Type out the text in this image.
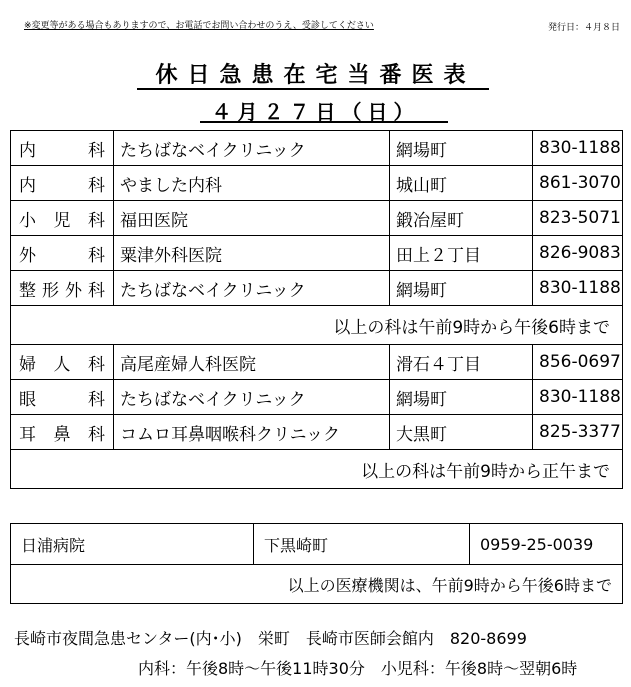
※変更等がある場合もありますので、お電話でお問い合わせのうえ、受診してください	発行日：４月８日
休日急患在宅当番医表
４月２７日（日）
内科	たちばなベイクリニック	網場町	830-1188
内科	やました内科	城山町	861-3070
小児科	福田医院	鍛冶屋町	823-5071
外科	粟津外科医院	田上２丁目	826-9083
整形外科	たちばなベイクリニック	網場町	830-1188
以上の科は午前9時から午後6時まで			
婦人科	高尾産婦人科医院	滑石４丁目	856-0697
眼科	たちばなベイクリニック	網場町	830-1188
耳鼻科	コムロ耳鼻咽喉科クリニック	大黒町	825-3377
以上の科は午前9時から正午まで			
日浦病院	下黒崎町	0959-25-0039
以上の医療機関は、午前9時から午後6時まで
長崎市夜間急患センター(内･小)　栄町　長崎市医師会館内　820-8699
内科：午後8時～午後11時30分　小児科：午後8時～翌朝6時
